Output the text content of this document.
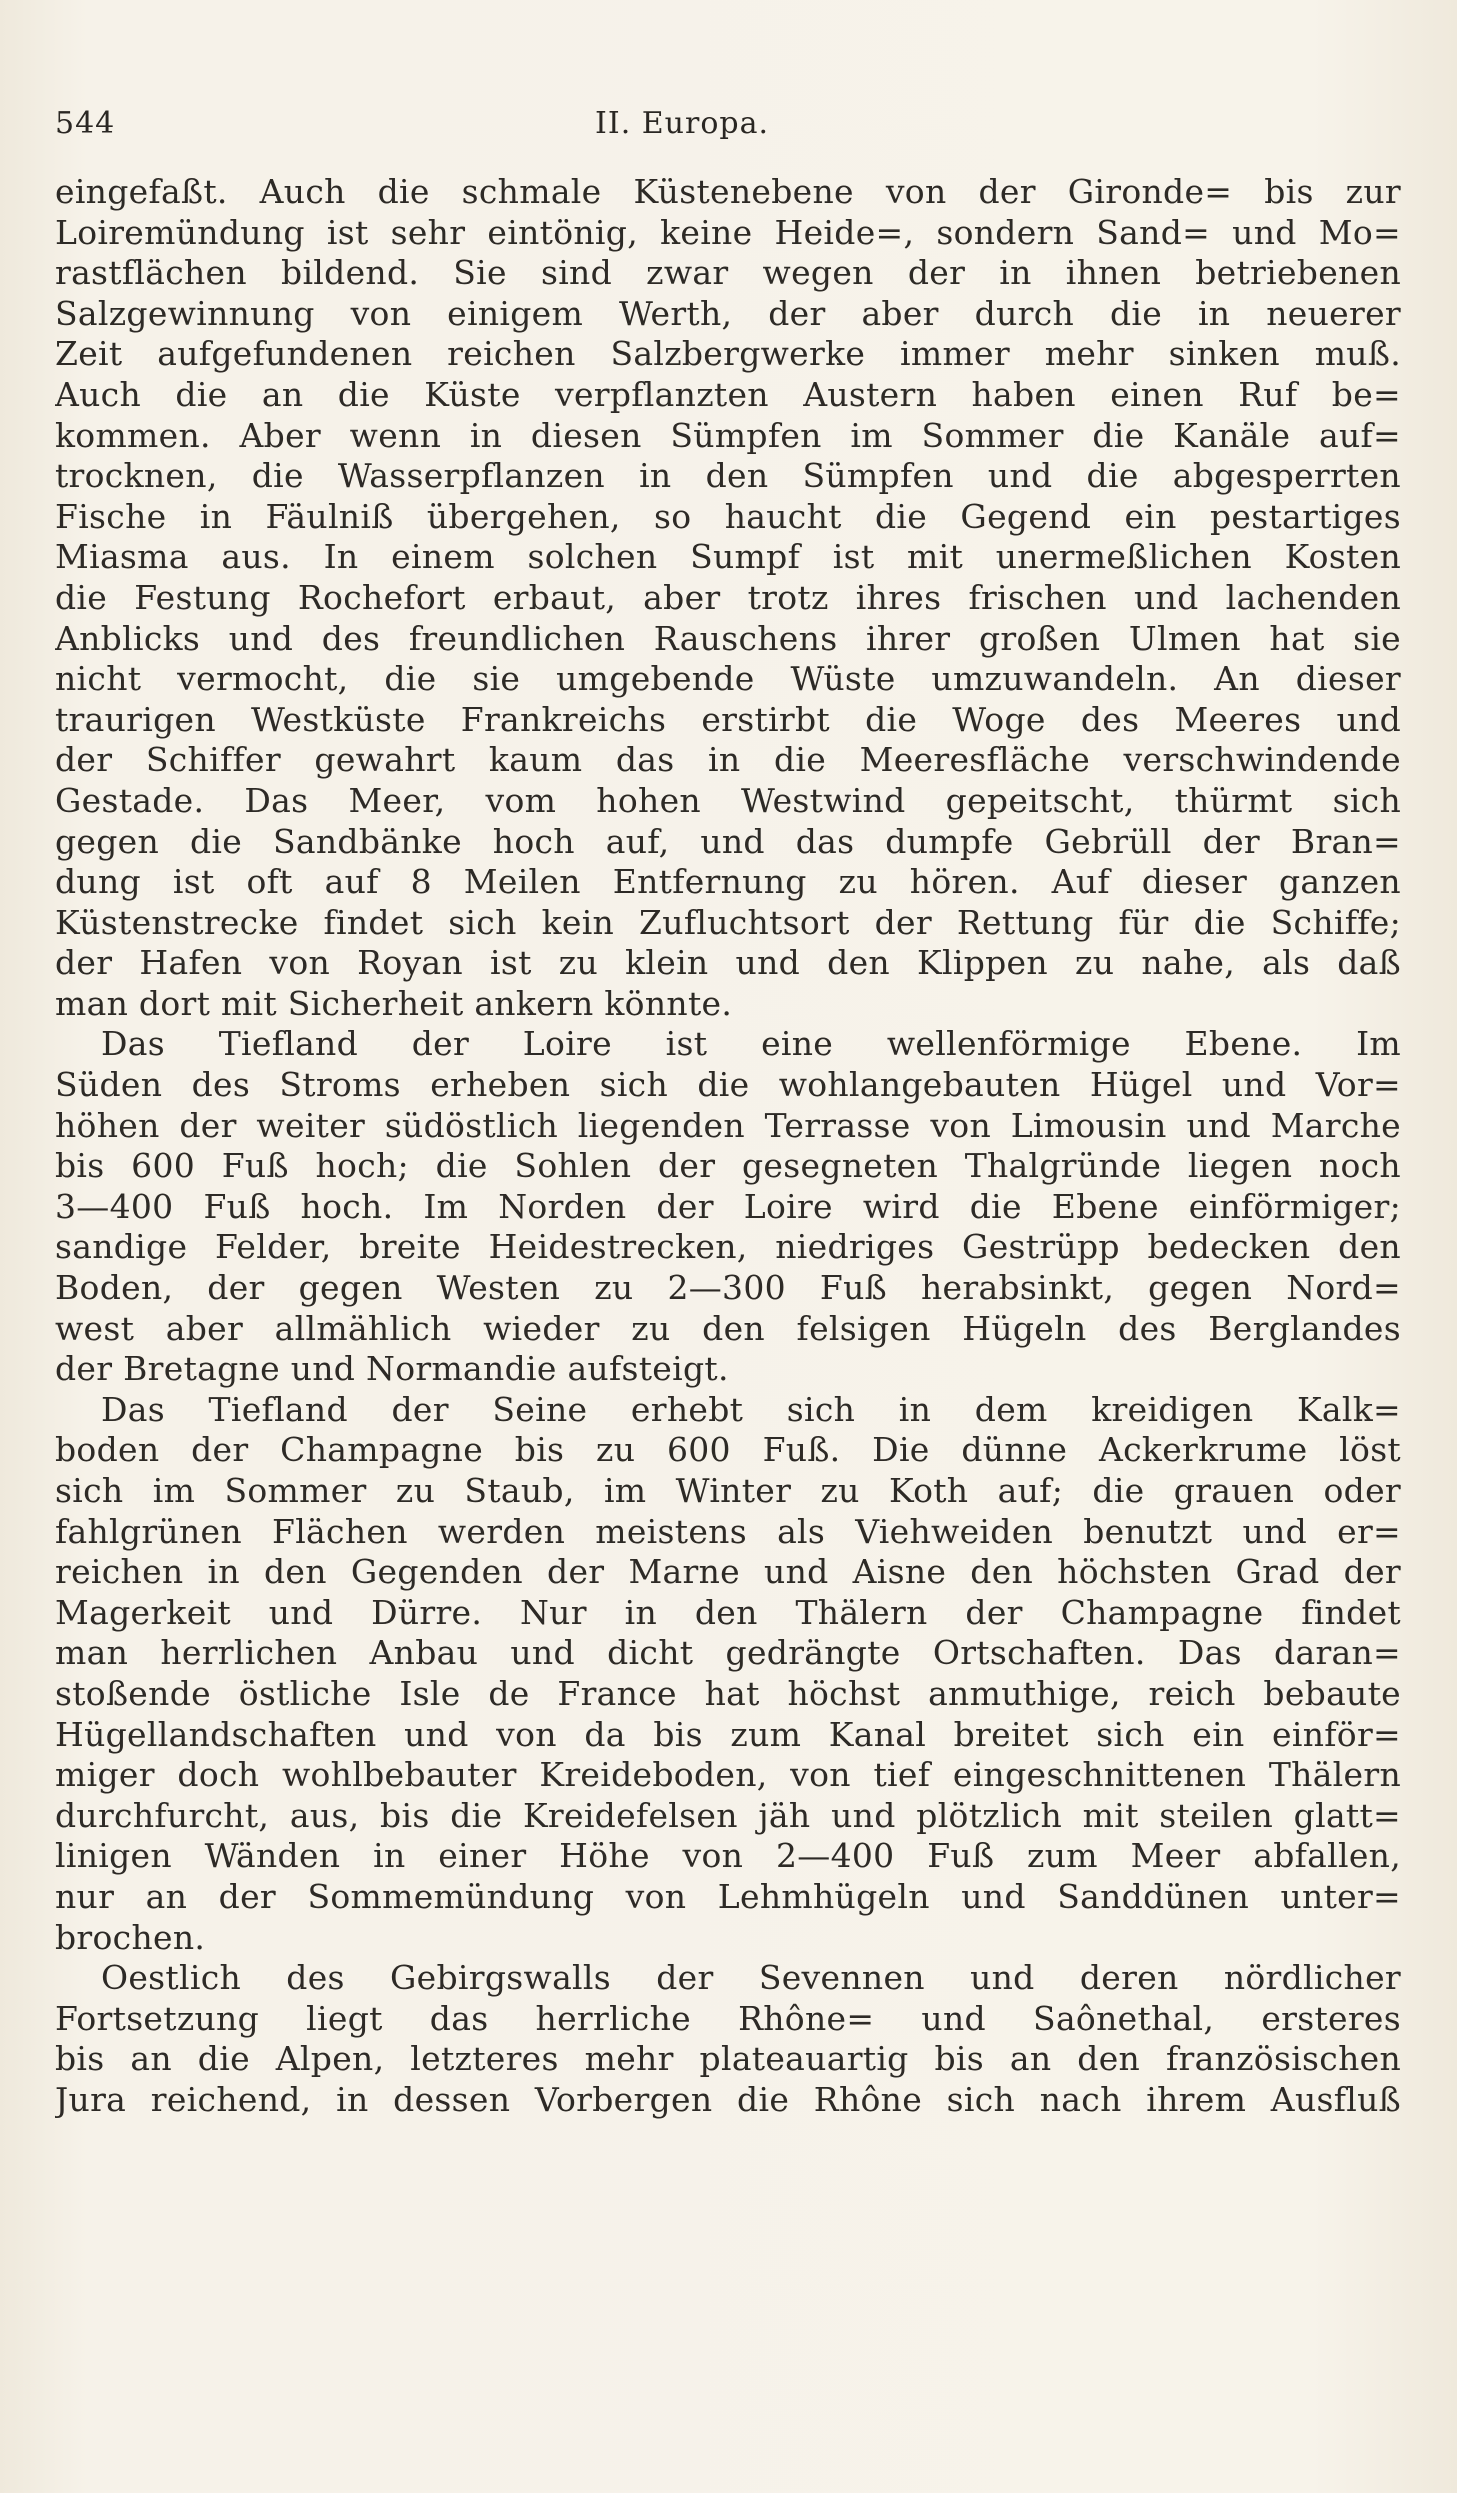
544	II. Europa.
eingefaßt. Auch die schmale Küstenebene von der Gironde= bis zur
Loiremündung ist sehr eintönig, keine Heide=, sondern Sand= und Mo=
rastflächen bildend. Sie sind zwar wegen der in ihnen betriebenen
Salzgewinnung von einigem Werth, der aber durch die in neuerer
Zeit aufgefundenen reichen Salzbergwerke immer mehr sinken muß.
Auch die an die Küste verpflanzten Austern haben einen Ruf be=
kommen. Aber wenn in diesen Sümpfen im Sommer die Kanäle auf=
trocknen, die Wasserpflanzen in den Sümpfen und die abgesperrten
Fische in Fäulniß übergehen, so haucht die Gegend ein pestartiges
Miasma aus. In einem solchen Sumpf ist mit unermeßlichen Kosten
die Festung Rochefort erbaut, aber trotz ihres frischen und lachenden
Anblicks und des freundlichen Rauschens ihrer großen Ulmen hat sie
nicht vermocht, die sie umgebende Wüste umzuwandeln. An dieser
traurigen Westküste Frankreichs erstirbt die Woge des Meeres und
der Schiffer gewahrt kaum das in die Meeresfläche verschwindende
Gestade. Das Meer, vom hohen Westwind gepeitscht, thürmt sich
gegen die Sandbänke hoch auf, und das dumpfe Gebrüll der Bran=
dung ist oft auf 8 Meilen Entfernung zu hören. Auf dieser ganzen
Küstenstrecke findet sich kein Zufluchtsort der Rettung für die Schiffe;
der Hafen von Royan ist zu klein und den Klippen zu nahe, als daß
man dort mit Sicherheit ankern könnte.
Das Tiefland der Loire ist eine wellenförmige Ebene. Im
Süden des Stroms erheben sich die wohlangebauten Hügel und Vor=
höhen der weiter südöstlich liegenden Terrasse von Limousin und Marche
bis 600 Fuß hoch; die Sohlen der gesegneten Thalgründe liegen noch
3—400 Fuß hoch. Im Norden der Loire wird die Ebene einförmiger;
sandige Felder, breite Heidestrecken, niedriges Gestrüpp bedecken den
Boden, der gegen Westen zu 2—300 Fuß herabsinkt, gegen Nord=
west aber allmählich wieder zu den felsigen Hügeln des Berglandes
der Bretagne und Normandie aufsteigt.
Das Tiefland der Seine erhebt sich in dem kreidigen Kalk=
boden der Champagne bis zu 600 Fuß. Die dünne Ackerkrume löst
sich im Sommer zu Staub, im Winter zu Koth auf; die grauen oder
fahlgrünen Flächen werden meistens als Viehweiden benutzt und er=
reichen in den Gegenden der Marne und Aisne den höchsten Grad der
Magerkeit und Dürre. Nur in den Thälern der Champagne findet
man herrlichen Anbau und dicht gedrängte Ortschaften. Das daran=
stoßende östliche Isle de France hat höchst anmuthige, reich bebaute
Hügellandschaften und von da bis zum Kanal breitet sich ein einför=
miger doch wohlbebauter Kreideboden, von tief eingeschnittenen Thälern
durchfurcht, aus, bis die Kreidefelsen jäh und plötzlich mit steilen glatt=
linigen Wänden in einer Höhe von 2—400 Fuß zum Meer abfallen,
nur an der Sommemündung von Lehmhügeln und Sanddünen unter=
brochen.
Oestlich des Gebirgswalls der Sevennen und deren nördlicher
Fortsetzung liegt das herrliche Rhône= und Saônethal, ersteres
bis an die Alpen, letzteres mehr plateauartig bis an den französischen
Jura reichend, in dessen Vorbergen die Rhône sich nach ihrem Ausfluß
